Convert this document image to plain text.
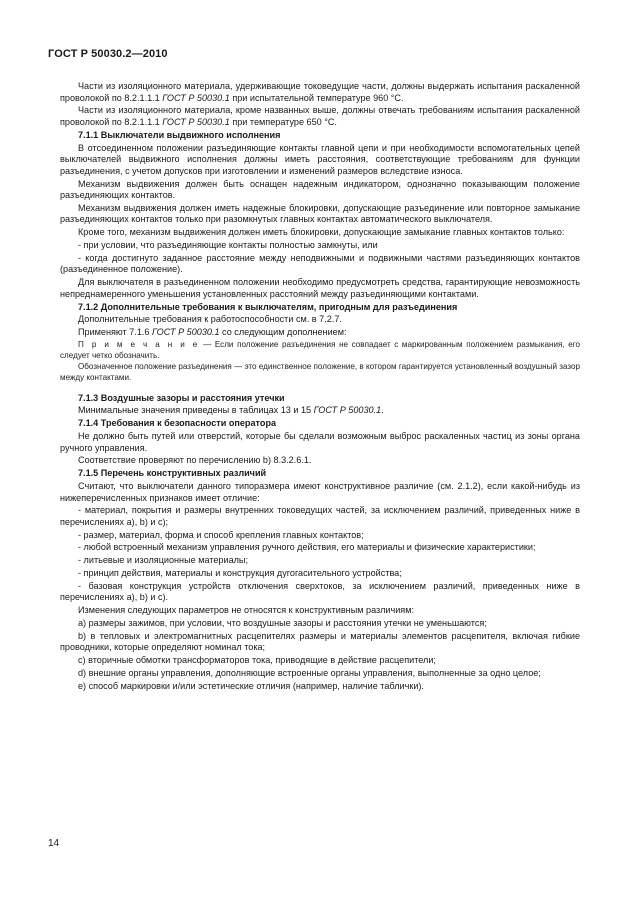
ГОСТ Р 50030.2—2010

Части из изоляционного материала, удерживающие токоведущие части, должны выдержать испытания раскаленной проволокой по 8.2.1.1.1 ГОСТ Р 50030.1 при испытательной температуре 960 °С.

Части из изоляционного материала, кроме названных выше, должны отвечать требованиям испытания раскаленной проволокой по 8.2.1.1.1 ГОСТ Р 50030.1 при температуре 650 °С.

7.1.1 Выключатели выдвижного исполнения

В отсоединенном положении разъединяющие контакты главной цепи и при необходимости вспомогательных цепей выключателей выдвижного исполнения должны иметь расстояния, соответствующие требованиям для функции разъединения, с учетом допусков при изготовлении и изменений размеров вследствие износа.

Механизм выдвижения должен быть оснащен надежным индикатором, однозначно показывающим положение разъединяющих контактов.

Механизм выдвижения должен иметь надежные блокировки, допускающие разъединение или повторное замыкание разъединяющих контактов только при разомкнутых главных контактах автоматического выключателя.

Кроме того, механизм выдвижения должен иметь блокировки, допускающие замыкание главных контактов только:

- при условии, что разъединяющие контакты полностью замкнуты, или

- когда достигнуто заданное расстояние между неподвижными и подвижными частями разъединяющих контактов (разъединенное положение).

Для выключателя в разъединенном положении необходимо предусмотреть средства, гарантирующие невозможность непреднамеренного уменьшения установленных расстояний между разъединяющими контактами.

7.1.2 Дополнительные требования к выключателям, пригодным для разъединения

Дополнительные требования к работоспособности см. в 7.2.7.

Применяют 7.1.6 ГОСТ Р 50030.1 со следующим дополнением:

П р и м е ч а н и е — Если положение разъединения не совпадает с маркированным положением размыкания, его следует четко обозначить.

Обозначенное положение разъединения — это единственное положение, в котором гарантируется установленный воздушный зазор между контактами.

7.1.3 Воздушные зазоры и расстояния утечки

Минимальные значения приведены в таблицах 13 и 15 ГОСТ Р 50030.1.

7.1.4 Требования к безопасности оператора

Не должно быть путей или отверстий, которые бы сделали возможным выброс раскаленных частиц из зоны органа ручного управления.

Соответствие проверяют по перечислению b) 8.3.2.6.1.

7.1.5 Перечень конструктивных различий

Считают, что выключатели данного типоразмера имеют конструктивное различие (см. 2.1.2), если какой-нибудь из нижеперечисленных признаков имеет отличие:

- материал, покрытия и размеры внутренних токоведущих частей, за исключением различий, приведенных ниже в перечислениях а), b) и с);

- размер, материал, форма и способ крепления главных контактов;

- любой встроенный механизм управления ручного действия, его материалы и физические характеристики;

- литьевые и изоляционные материалы;

- принцип действия, материалы и конструкция дугогасительного устройства;

- базовая конструкция устройств отключения сверхтоков, за исключением различий, приведенных ниже в перечислениях а), b) и с).

Изменения следующих параметров не относятся к конструктивным различиям:

а) размеры зажимов, при условии, что воздушные зазоры и расстояния утечки не уменьшаются;

b) в тепловых и электромагнитных расцепителях размеры и материалы элементов расцепителя, включая гибкие проводники, которые определяют номинал тока;

с) вторичные обмотки трансформаторов тока, приводящие в действие расцепители;

d) внешние органы управления, дополняющие встроенные органы управления, выполненные за одно целое;

е) способ маркировки и/или эстетические отличия (например, наличие таблички).

14
